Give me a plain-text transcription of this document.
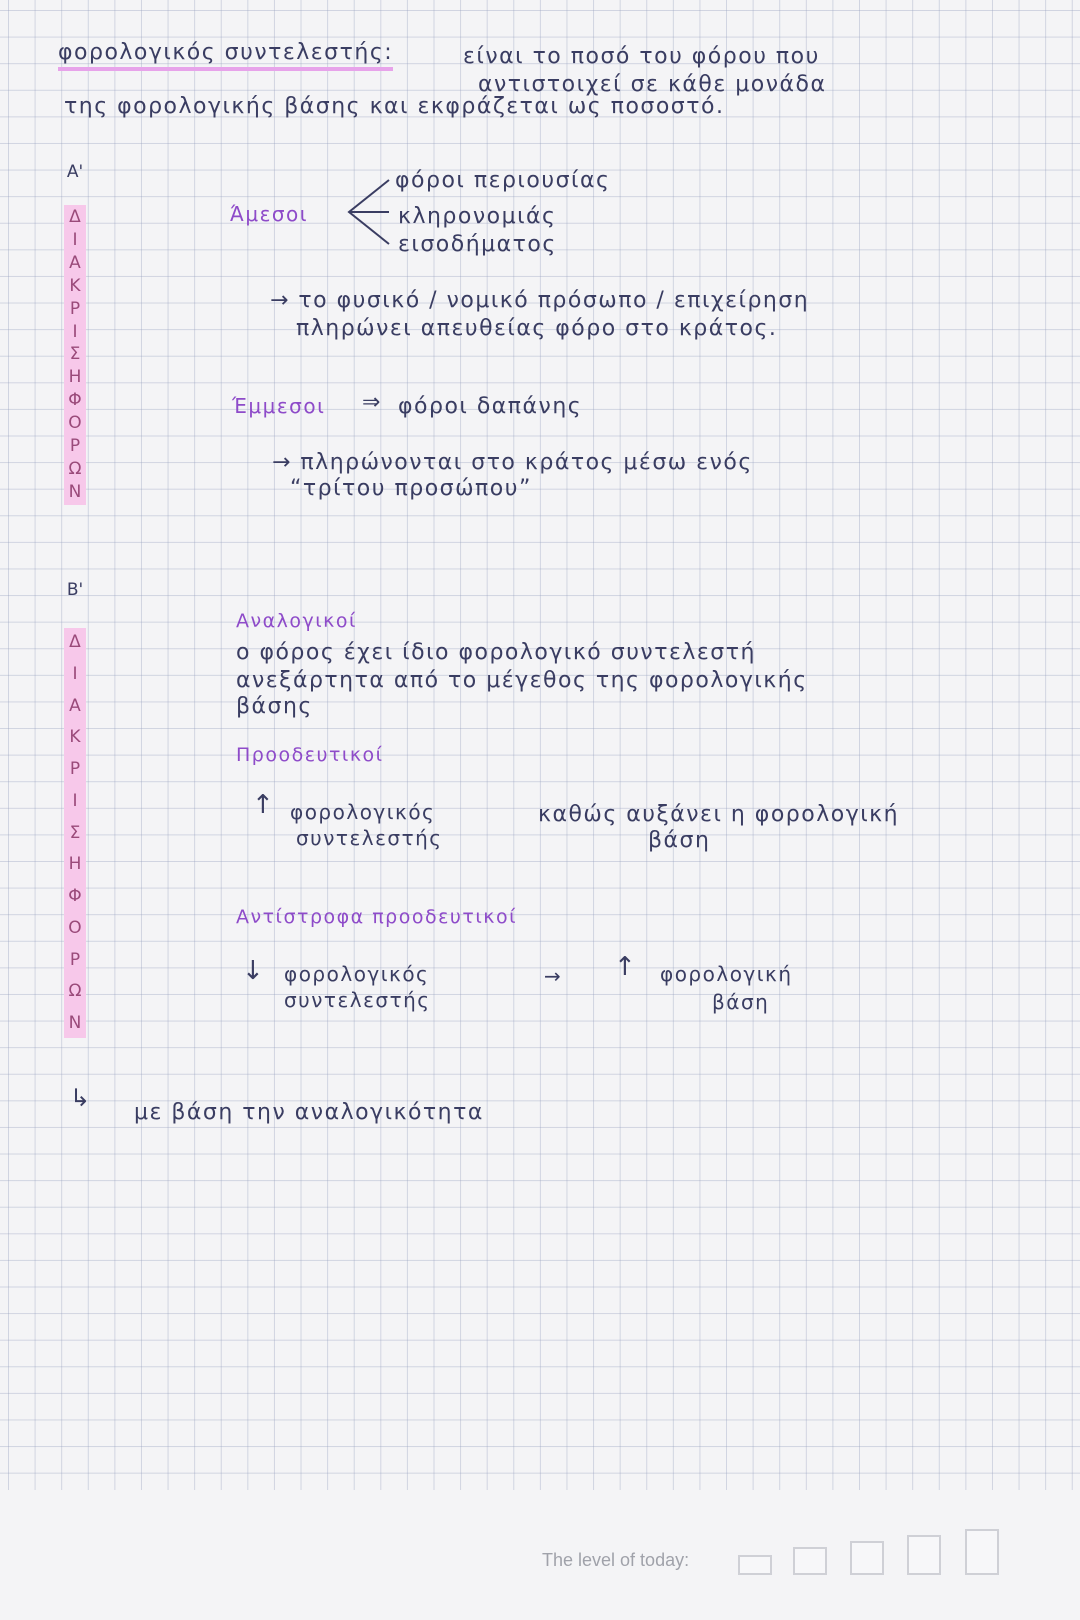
φορολογικός συντελεστής:	είναι το ποσό του φόρου που
αντιστοιχεί σε κάθε μονάδα
της φορολογικής βάσης και εκφράζεται ως ποσοστό.
A'
Δ
Ι
Α
Κ
Ρ
Ι
Σ
Η
Φ
Ο
Ρ
Ω
Ν
Άμεσοι
φόροι περιουσίας
κληρονομιάς
εισοδήματος
→ το φυσικό / νομικό πρόσωπο / επιχείρηση
πληρώνει απευθείας φόρο στο κράτος.
Έμμεσοι ⇒ φόροι δαπάνης
→ πληρώνονται στο κράτος μέσω ενός
“τρίτου προσώπου”
B'
Δ
Ι
Α
Κ
Ρ
Ι
Σ
Η
Φ
Ο
Ρ
Ω
Ν
Αναλογικοί
ο φόρος έχει ίδιο φορολογικό συντελεστή
ανεξάρτητα από το μέγεθος της φορολογικής
βάσης
Προοδευτικοί
↑ φορολογικός
συντελεστής
καθώς αυξάνει η φορολογική
βάση
Αντίστροφα προοδευτικοί
↓ φορολογικός
συντελεστής
→ ↑ φορολογική
βάση
↳
με βάση την αναλογικότητα
The level of today:
